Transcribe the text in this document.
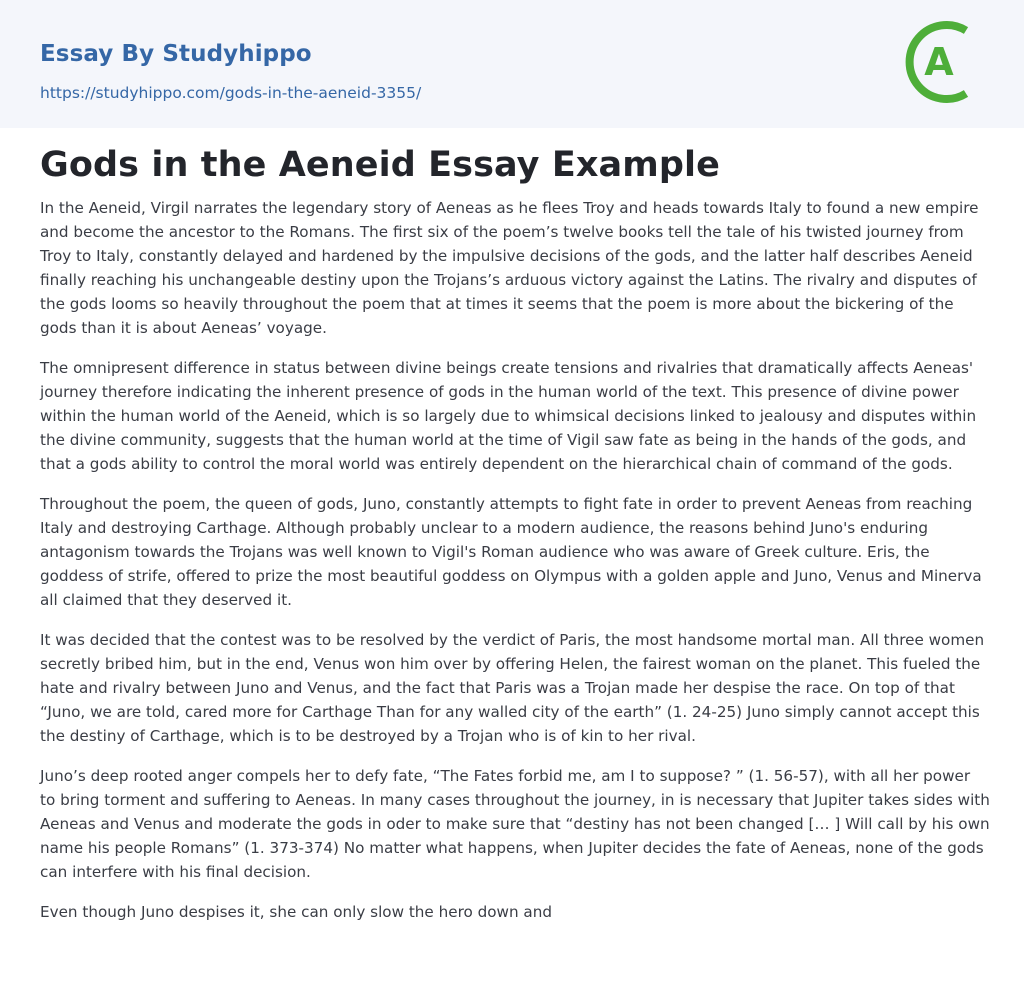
Essay By Studyhippo
https://studyhippo.com/gods-in-the-aeneid-3355/
A
Gods in the Aeneid Essay Example

In the Aeneid, Virgil narrates the legendary story of Aeneas as he flees Troy and heads towards Italy to found a new empire and become the ancestor to the Romans. The first six of the poem’s twelve books tell the tale of his twisted journey from Troy to Italy, constantly delayed and hardened by the impulsive decisions of the gods, and the latter half describes Aeneid finally reaching his unchangeable destiny upon the Trojans’s arduous victory against the Latins. The rivalry and disputes of the gods looms so heavily throughout the poem that at times it seems that the poem is more about the bickering of the gods than it is about Aeneas’ voyage.

The omnipresent difference in status between divine beings create tensions and rivalries that dramatically affects Aeneas' journey therefore indicating the inherent presence of gods in the human world of the text. This presence of divine power within the human world of the Aeneid, which is so largely due to whimsical decisions linked to jealousy and disputes within the divine community, suggests that the human world at the time of Vigil saw fate as being in the hands of the gods, and that a gods ability to control the moral world was entirely dependent on the hierarchical chain of command of the gods.

Throughout the poem, the queen of gods, Juno, constantly attempts to fight fate in order to prevent Aeneas from reaching Italy and destroying Carthage. Although probably unclear to a modern audience, the reasons behind Juno's enduring antagonism towards the Trojans was well known to Vigil's Roman audience who was aware of Greek culture. Eris, the goddess of strife, offered to prize the most beautiful goddess on Olympus with a golden apple and Juno, Venus and Minerva all claimed that they deserved it.

It was decided that the contest was to be resolved by the verdict of Paris, the most handsome mortal man. All three women secretly bribed him, but in the end, Venus won him over by offering Helen, the fairest woman on the planet. This fueled the hate and rivalry between Juno and Venus, and the fact that Paris was a Trojan made her despise the race. On top of that “Juno, we are told, cared more for Carthage Than for any walled city of the earth” (1. 24-25) Juno simply cannot accept this the destiny of Carthage, which is to be destroyed by a Trojan who is of kin to her rival.

Juno’s deep rooted anger compels her to defy fate, “The Fates forbid me, am I to suppose? ” (1. 56-57), with all her power to bring torment and suffering to Aeneas. In many cases throughout the journey, in is necessary that Jupiter takes sides with Aeneas and Venus and moderate the gods in oder to make sure that “destiny has not been changed [… ] Will call by his own name his people Romans” (1. 373-374) No matter what happens, when Jupiter decides the fate of Aeneas, none of the gods can interfere with his final decision.

Even though Juno despises it, she can only slow the hero down and
